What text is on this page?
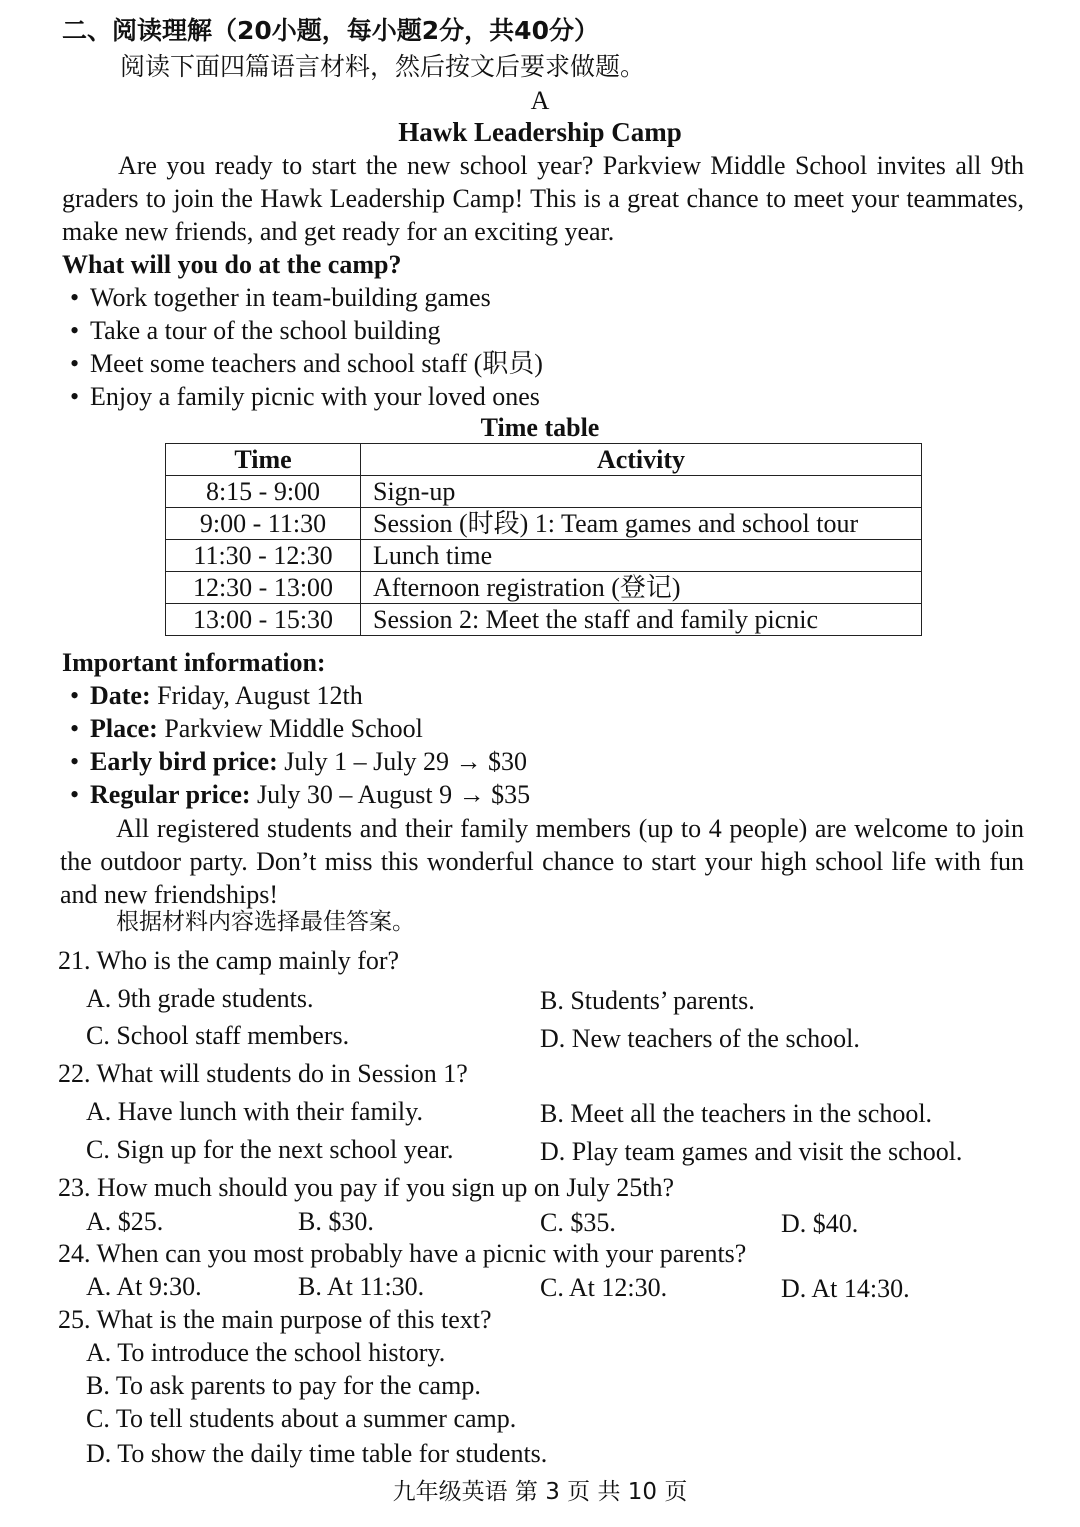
二、阅读理解（20小题，每小题2分，共40分）
阅读下面四篇语言材料，然后按文后要求做题。
A
Hawk Leadership Camp

Are you ready to start the new school year? Parkview Middle School invites all 9th graders to join the Hawk Leadership Camp! This is a great chance to meet your teammates, make new friends, and get ready for an exciting year.

What will you do at the camp?
• Work together in team-building games
• Take a tour of the school building
• Meet some teachers and school staff (职员)
• Enjoy a family picnic with your loved ones
Time table
Time	Activity
8:15 - 9:00	Sign-up
9:00 - 11:30	Session (时段) 1: Team games and school tour
11:30 - 12:30	Lunch time
12:30 - 13:00	Afternoon registration (登记)
13:00 - 15:30	Session 2: Meet the staff and family picnic
Important information:
• Date: Friday, August 12th
• Place: Parkview Middle School
• Early bird price: July 1 – July 29 → $30
• Regular price: July 30 – August 9 → $35

All registered students and their family members (up to 4 people) are welcome to join the outdoor party. Don’t miss this wonderful chance to start your high school life with fun and new friendships!

根据材料内容选择最佳答案。
21. Who is the camp mainly for?
A. 9th grade students.	B. Students’ parents.
C. School staff members.	D. New teachers of the school.
22. What will students do in Session 1?
A. Have lunch with their family.	B. Meet all the teachers in the school.
C. Sign up for the next school year.	D. Play team games and visit the school.
23. How much should you pay if you sign up on July 25th?
A. $25.	B. $30.	C. $35.	D. $40.
24. When can you most probably have a picnic with your parents?
A. At 9:30.	B. At 11:30.	C. At 12:30.	D. At 14:30.
25. What is the main purpose of this text?
A. To introduce the school history.
B. To ask parents to pay for the camp.
C. To tell students about a summer camp.
D. To show the daily time table for students.
九年级英语 第 3 页 共 10 页
